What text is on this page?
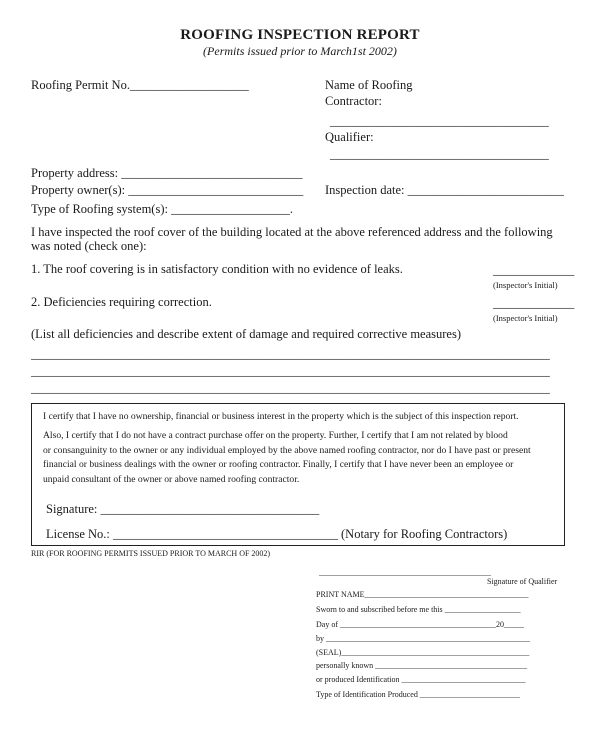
ROOFING INSPECTION REPORT
(Permits issued prior to March1st 2002)
Roofing Permit No.___________________	Name of Roofing
Contractor:
___________________________________
Qualifier:
___________________________________
Property address: _____________________________
Property owner(s): ____________________________ Inspection date: _________________________
Type of Roofing system(s): ___________________.
I have inspected the roof cover of the building located at the above referenced address and the following
was noted (check one):
1. The roof covering is in satisfactory condition with no evidence of leaks.	_____________
(Inspector's Initial)
2. Deficiencies requiring correction.	_____________
(Inspector's Initial)
(List all deficiencies and describe extent of damage and required corrective measures)
___________________________________________________________________________________
___________________________________________________________________________________
___________________________________________________________________________________
I certify that I have no ownership, financial or business interest in the property which is the subject of this inspection report.
Also, I certify that I do not have a contract purchase offer on the property. Further, I certify that I am not related by blood
or consanguinity to the owner or any individual employed by the above named roofing contractor, nor do I have past or present
financial or business dealings with the owner or roofing contractor. Finally, I certify that I have never been an employee or
unpaid consultant of the owner or above named roofing contractor.
Signature: ___________________________________
License No.: ____________________________________ (Notary for Roofing Contractors)
RIR (FOR ROOFING PERMITS ISSUED PRIOR TO MARCH OF 2002)
___________________________________________
Signature of Qualifier
PRINT NAME_________________________________________
Sworn to and subscribed before me this ___________________
Day of _______________________________________20_____
by ___________________________________________________
(SEAL)_______________________________________________
personally known ______________________________________
or produced Identification _______________________________
Type of Identification Produced _________________________
